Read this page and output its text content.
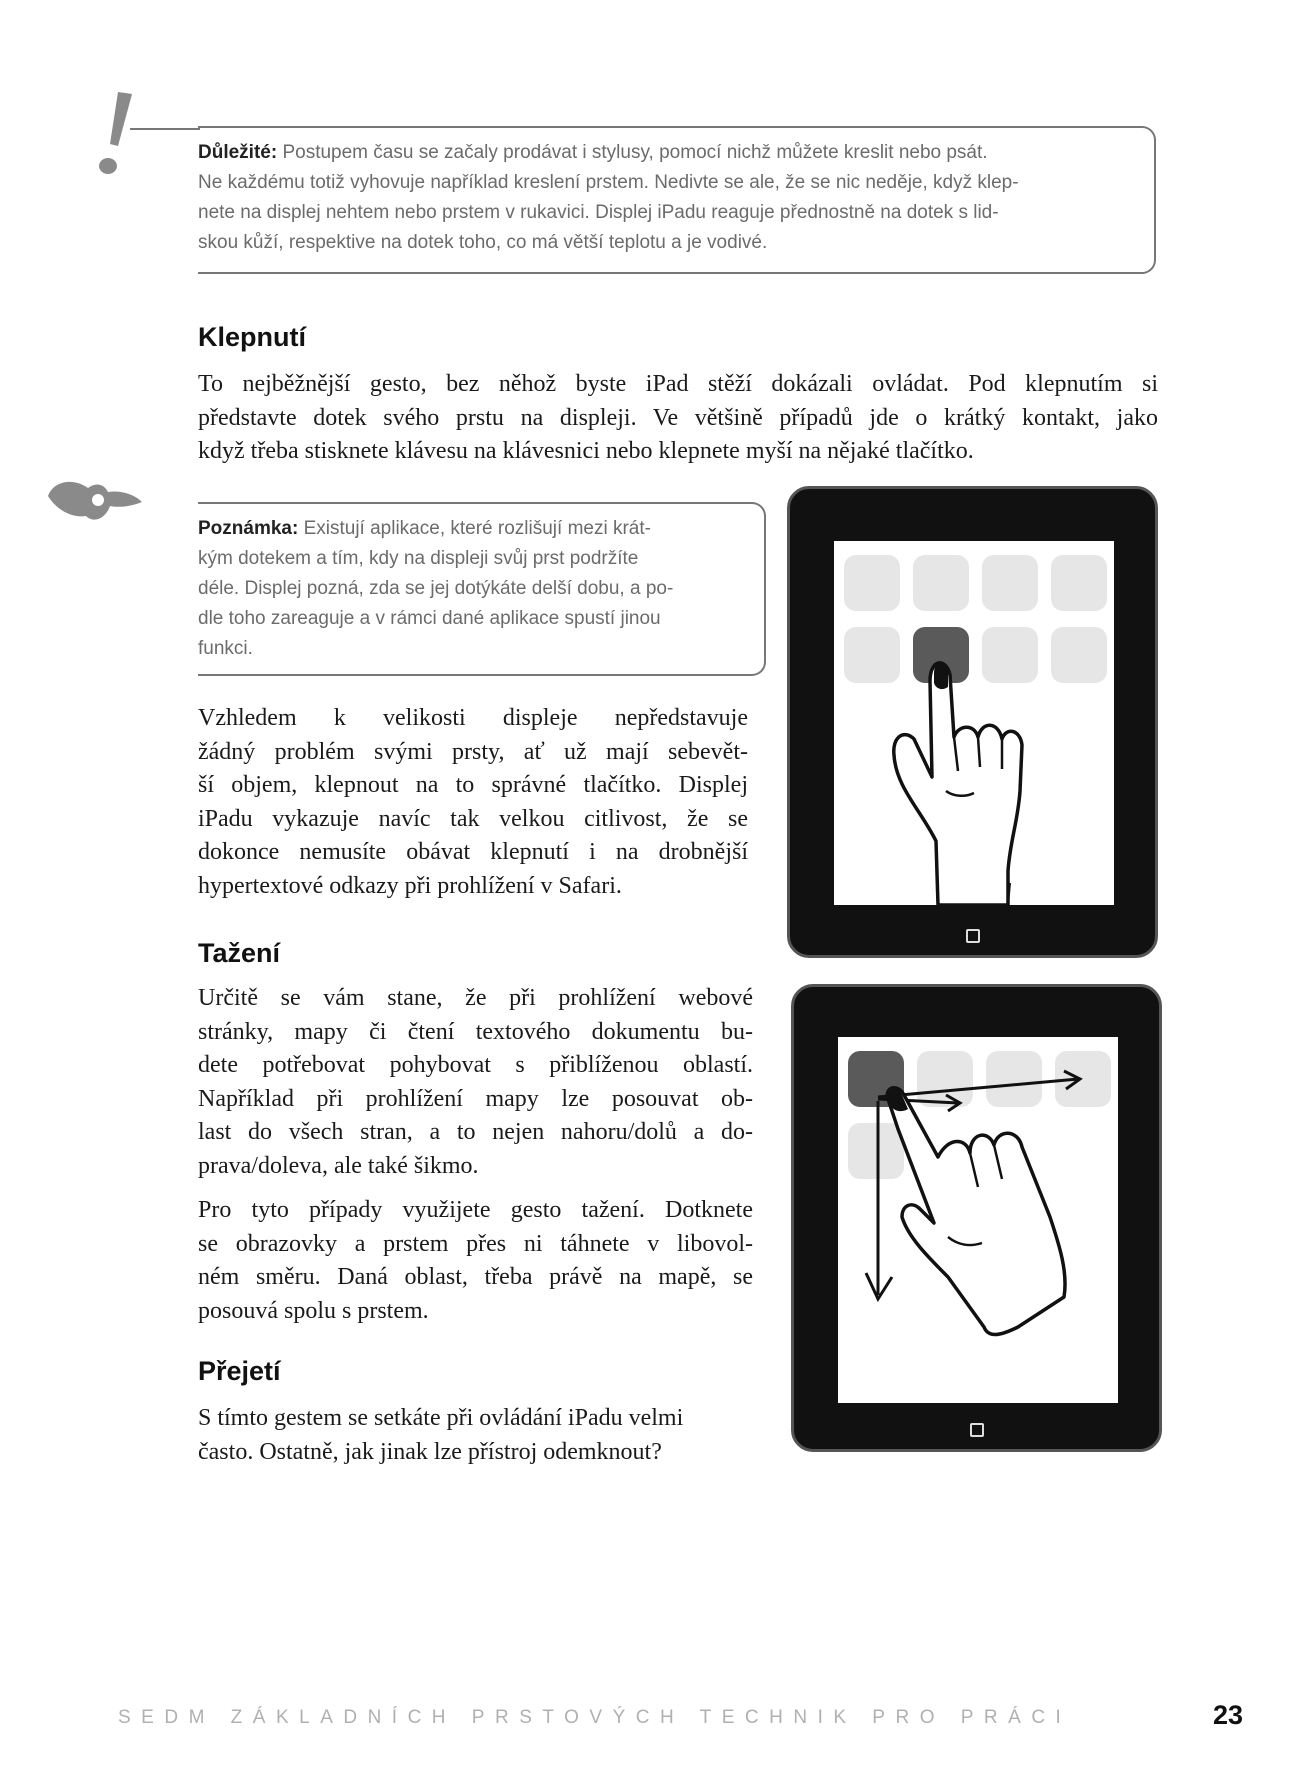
Důležité: Postupem času se začaly prodávat i stylusy, pomocí nichž můžete kreslit nebo psát.

Ne každému totiž vyhovuje například kreslení prstem. Nedivte se ale, že se nic neděje, když klep-

nete na displej nehtem nebo prstem v rukavici. Displej iPadu reaguje přednostně na dotek s lid-

skou kůží, respektive na dotek toho, co má větší teplotu a je vodivé.

Klepnutí
To nejběžnější gesto, bez něhož byste iPad stěží dokázali ovládat. Pod klepnutím si
představte dotek svého prstu na displeji. Ve většině případů jde o krátký kontakt, jako
když třeba stisknete klávesu na klávesnici nebo klepnete myší na nějaké tlačítko.

Poznámka: Existují aplikace, které rozlišují mezi krát-

kým dotekem a tím, kdy na displeji svůj prst podržíte

déle. Displej pozná, zda se jej dotýkáte delší dobu, a po-

dle toho zareaguje a v rámci dané aplikace spustí jinou

funkci.

Vzhledem k velikosti displeje nepředstavuje
žádný problém svými prsty, ať už mají sebevět-
ší objem, klepnout na to správné tlačítko. Displej
iPadu vykazuje navíc tak velkou citlivost, že se
dokonce nemusíte obávat klepnutí i na drobnější
hypertextové odkazy při prohlížení v Safari.
Tažení
Určitě se vám stane, že při prohlížení webové
stránky, mapy či čtení textového dokumentu bu-
dete potřebovat pohybovat s přiblíženou oblastí.
Například při prohlížení mapy lze posouvat ob-
last do všech stran, a to nejen nahoru/dolů a do-
prava/doleva, ale také šikmo.
Pro tyto případy využijete gesto tažení. Dotknete
se obrazovky a prstem přes ni táhnete v libovol-
ném směru. Daná oblast, třeba právě na mapě, se
posouvá spolu s prstem.
Přejetí
S tímto gestem se setkáte při ovládání iPadu velmi
často. Ostatně, jak jinak lze přístroj odemknout?
SEDM ZÁKLADNÍCH PRSTOVÝCH TECHNIK PRO PRÁCI	23
